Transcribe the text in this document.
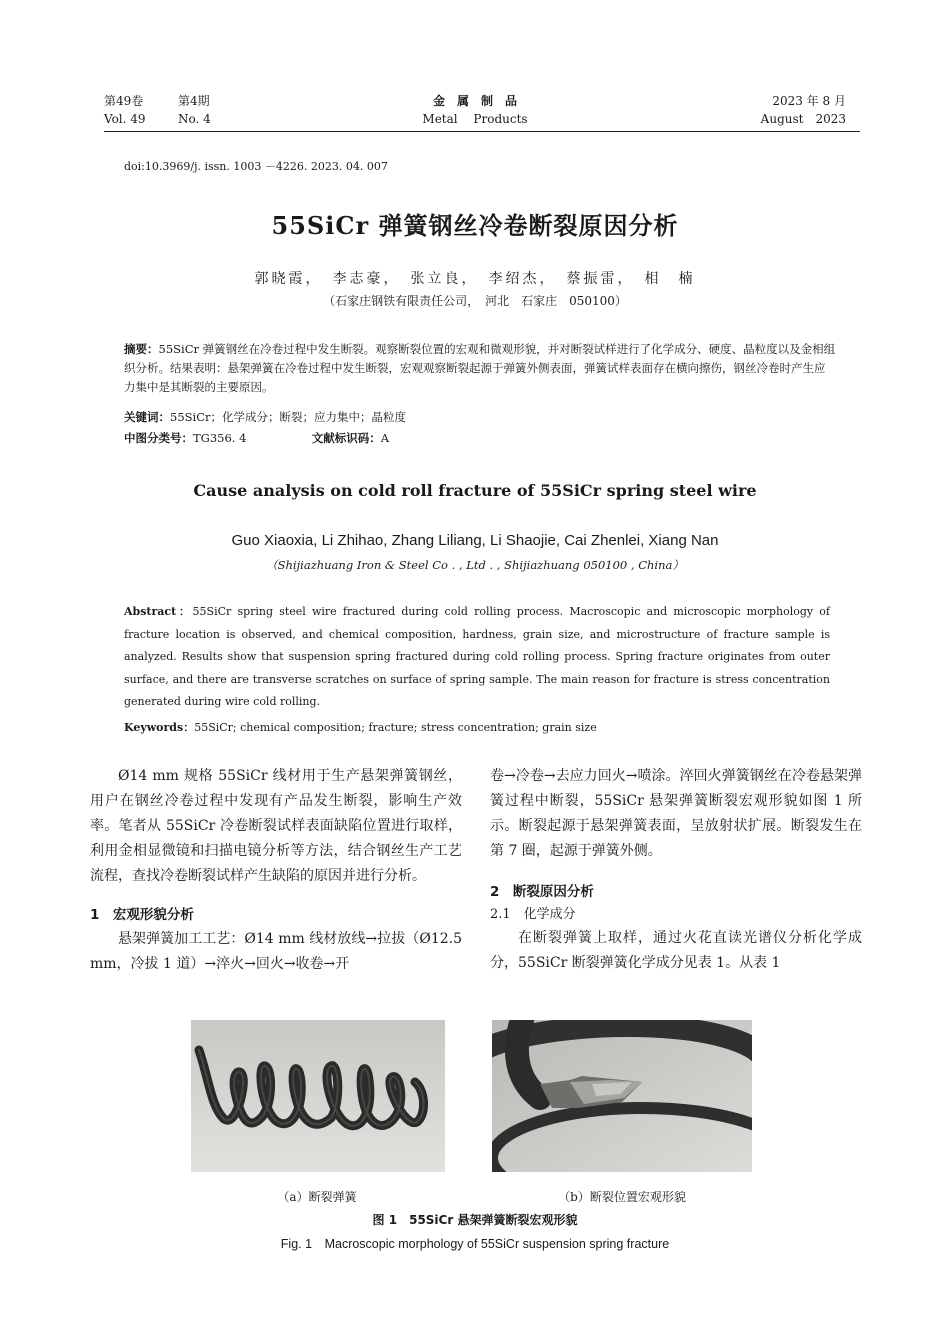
第49卷	第4期
Vol. 49	No. 4
金　属　制　品
Metal　 Products
2023 年 8 月
August　2023
doi:10.3969/j. issn. 1003 －4226. 2023. 04. 007
55SiCr 弹簧钢丝冷卷断裂原因分析
郭晓霞，　李志豪，　张立良，　李绍杰，　蔡振雷，　相　楠
（石家庄钢铁有限责任公司，　河北　石家庄　050100）
摘要：55SiCr 弹簧钢丝在冷卷过程中发生断裂。观察断裂位置的宏观和微观形貌，并对断裂试样进行了化学成分、硬度、晶粒度以及金相组织分析。结果表明：悬架弹簧在冷卷过程中发生断裂，宏观观察断裂起源于弹簧外侧表面，弹簧试样表面存在横向擦伤，钢丝冷卷时产生应力集中是其断裂的主要原因。
关键词：55SiCr；化学成分；断裂；应力集中；晶粒度
中图分类号：TG356. 4	文献标识码：A
Cause analysis on cold roll fracture of 55SiCr spring steel wire
Guo Xiaoxia, Li Zhihao, Zhang Liliang, Li Shaojie, Cai Zhenlei, Xiang Nan
（Shijiazhuang Iron & Steel Co . , Ltd . , Shijiazhuang 050100 , China）
Abstract：55SiCr spring steel wire fractured during cold rolling process. Macroscopic and microscopic morphology of fracture location is observed, and chemical composition, hardness, grain size, and microstructure of fracture sample is analyzed. Results show that suspension spring fractured during cold rolling process. Spring fracture originates from outer surface, and there are transverse scratches on surface of spring sample. The main reason for fracture is stress concentration generated during wire cold rolling.
Keywords：55SiCr; chemical composition; fracture; stress concentration; grain size

Ø14 mm 规格 55SiCr 线材用于生产悬架弹簧钢丝，用户在钢丝冷卷过程中发现有产品发生断裂，影响生产效率。笔者从 55SiCr 冷卷断裂试样表面缺陷位置进行取样，利用金相显微镜和扫描电镜分析等方法，结合钢丝生产工艺流程，查找冷卷断裂试样产生缺陷的原因并进行分析。

1　宏观形貌分析

悬架弹簧加工工艺：Ø14 mm 线材放线→拉拔（Ø12.5 mm，冷拔 1 道）→淬火→回火→收卷→开

卷→冷卷→去应力回火→喷涂。淬回火弹簧钢丝在冷卷悬架弹簧过程中断裂，55SiCr 悬架弹簧断裂宏观形貌如图 1 所示。断裂起源于悬架弹簧表面，呈放射状扩展。断裂发生在第 7 圈，起源于弹簧外侧。

2　断裂原因分析
2.1　化学成分

在断裂弹簧上取样，通过火花直读光谱仪分析化学成分，55SiCr 断裂弹簧化学成分见表 1。从表 1

（a）断裂弹簧	（b）断裂位置宏观形貌
图 1　 55SiCr 悬架弹簧断裂宏观形貌
Fig. 1　 Macroscopic morphology of 55SiCr suspension spring fracture
